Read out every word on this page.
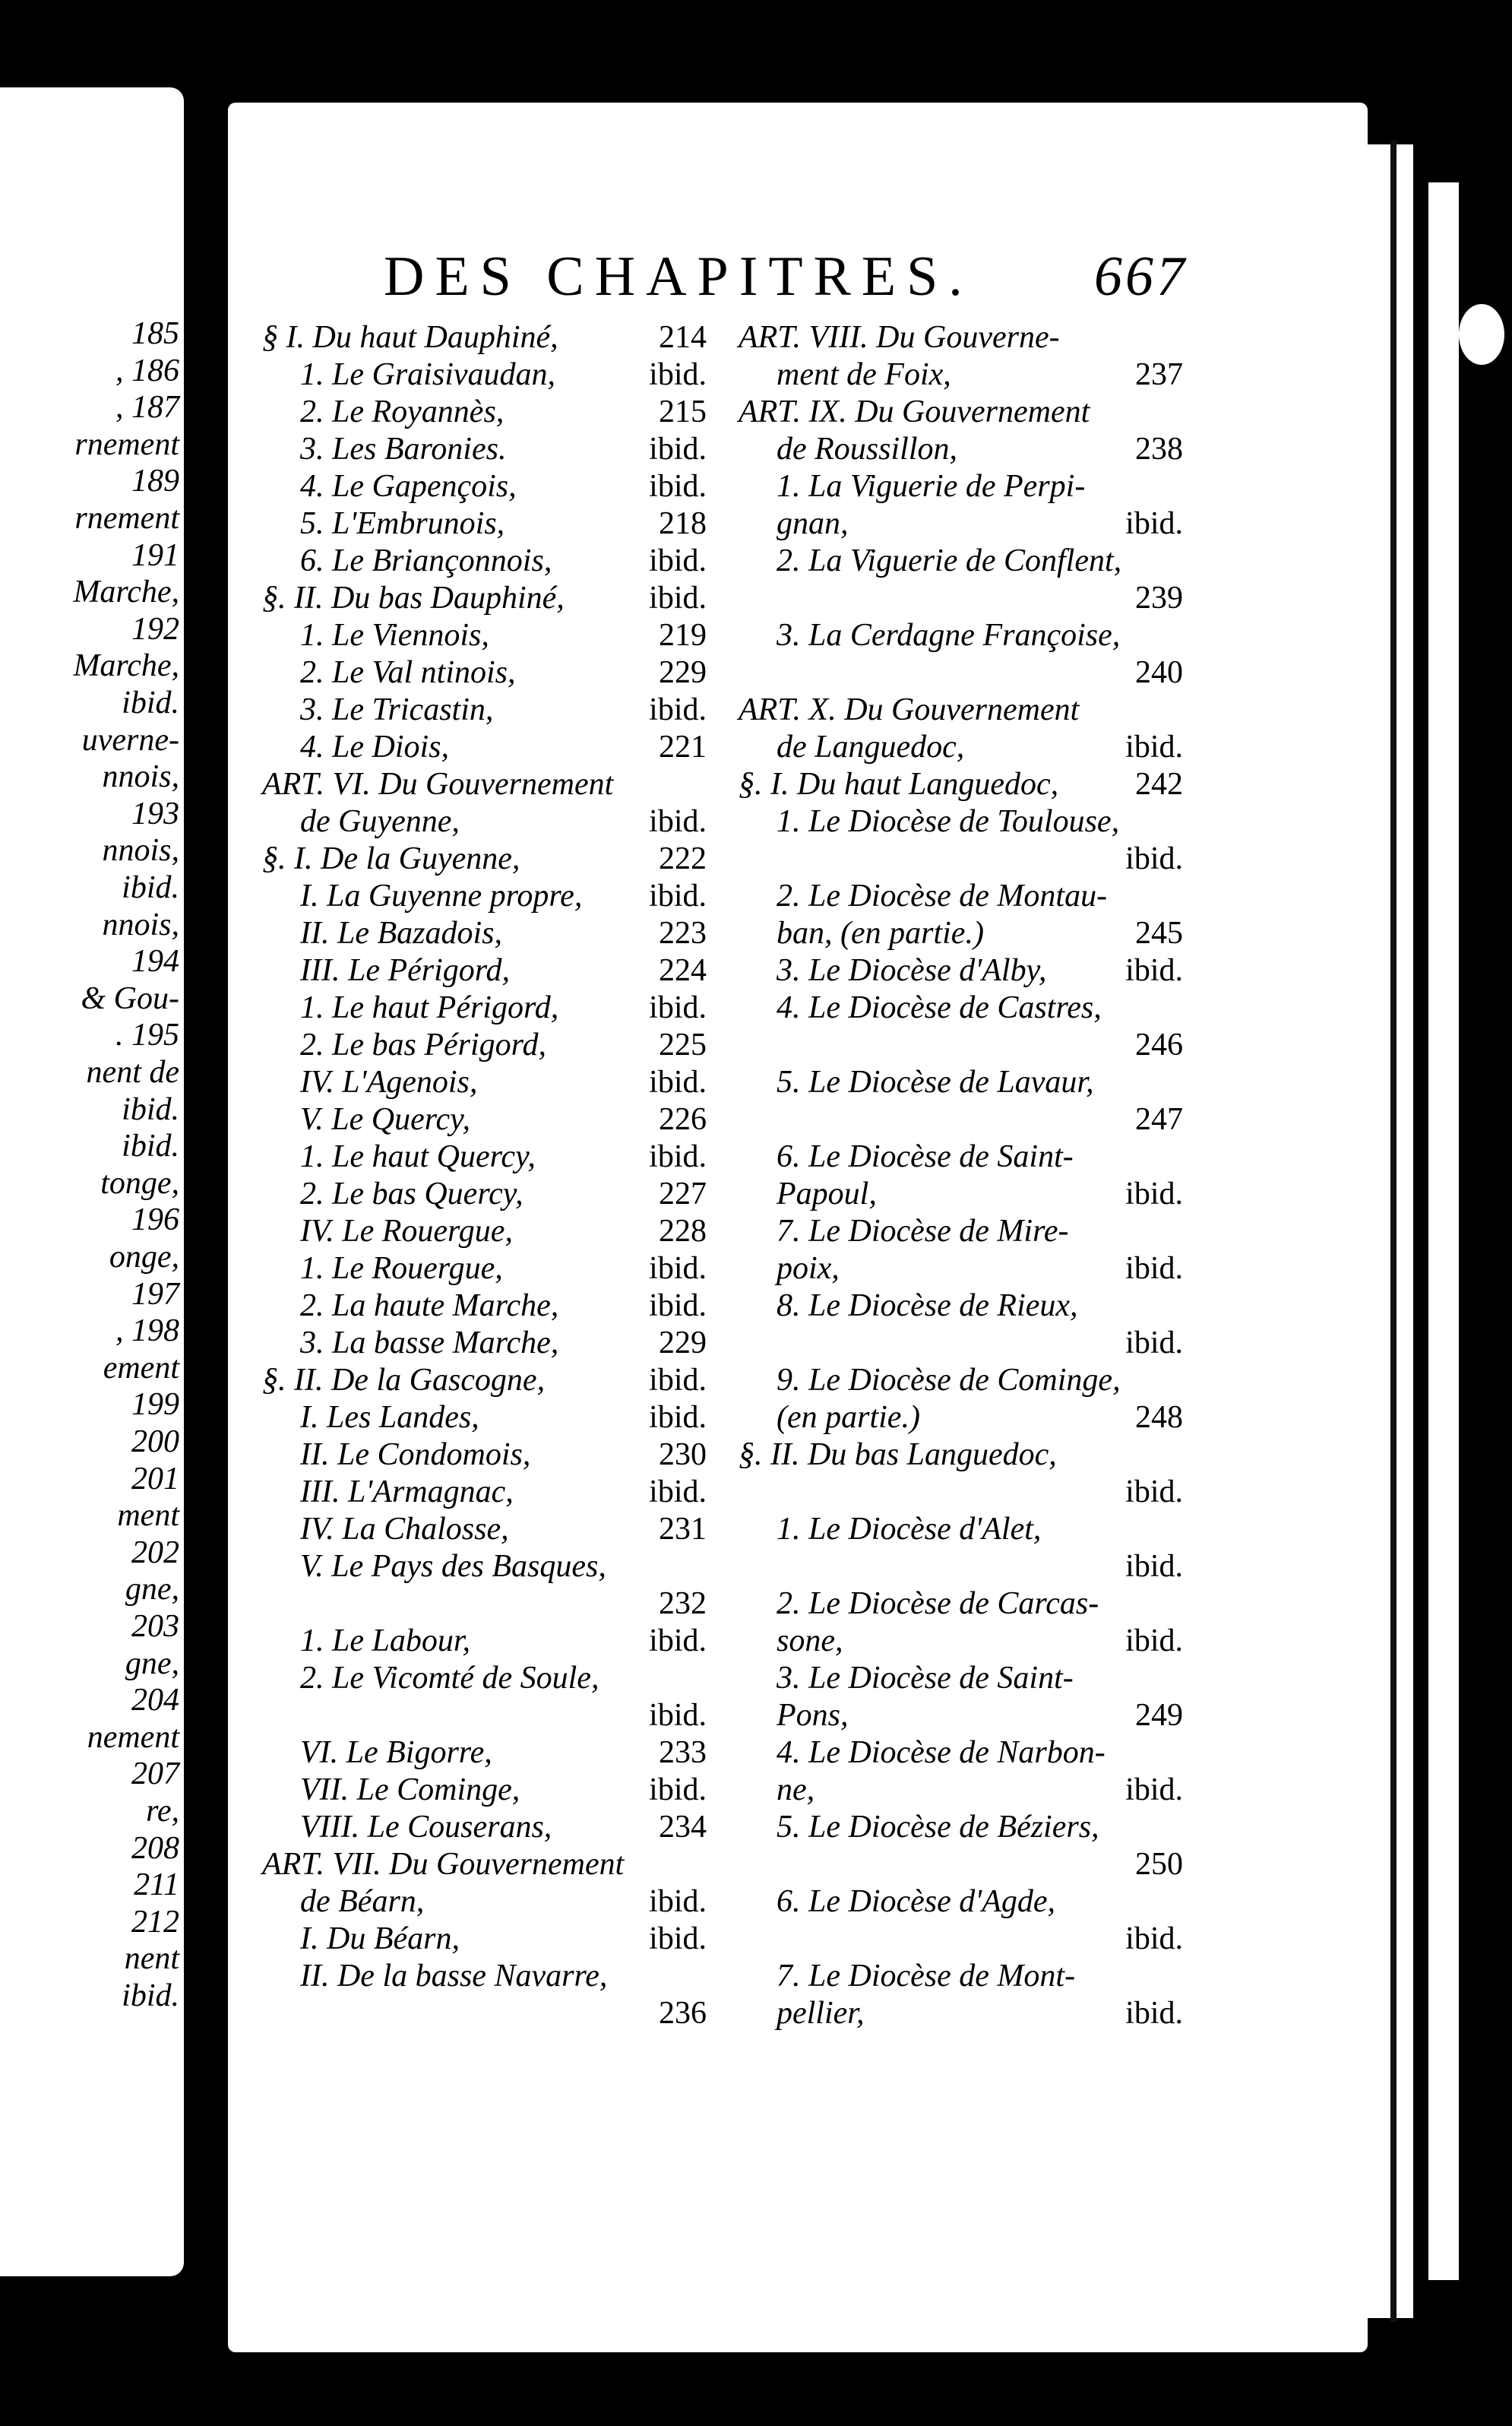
185
, 186
, 187
rnement
189
rnement
191
Marche,
192
Marche,
ibid.
uverne-
nnois,
193
nnois,
ibid.
nnois,
194
& Gou-
. 195
nent de
ibid.
ibid.
tonge,
196
onge,
197
, 198
ement
199
200
201
ment
202
gne,
203
gne,
204
nement
207
re,
208
211
212
nent
ibid.
DES CHAPITRES.	667
§ I. Du haut Dauphiné,	214
1. Le Graisivaudan,	ibid.
2. Le Royannès,	215
3. Les Baronies.	ibid.
4. Le Gapençois,	ibid.
5. L'Embrunois,	218
6. Le Briançonnois,	ibid.
§. II. Du bas Dauphiné,	ibid.
1. Le Viennois,	219
2. Le Val ntinois,	229
3. Le Tricastin,	ibid.
4. Le Diois,	221
ART. VI. Du Gouvernement
de Guyenne,	ibid.
§. I. De la Guyenne,	222
I. La Guyenne propre, ibid.
II. Le Bazadois,	223
III. Le Périgord,	224
1. Le haut Périgord,	ibid.
2. Le bas Périgord,	225
IV. L'Agenois,	ibid.
V. Le Quercy,	226
1. Le haut Quercy,	ibid.
2. Le bas Quercy,	227
IV. Le Rouergue,	228
1. Le Rouergue,	ibid.
2. La haute Marche,	ibid.
3. La basse Marche,	229
§. II. De la Gascogne,	ibid.
I. Les Landes,	ibid.
II. Le Condomois,	230
III. L'Armagnac,	ibid.
IV. La Chalosse,	231
V. Le Pays des Basques,
232
1. Le Labour,	ibid.
2. Le Vicomté de Soule,
ibid.
VI. Le Bigorre,	233
VII. Le Cominge,	ibid.
VIII. Le Couserans,	234
ART. VII. Du Gouvernement
de Béarn,	ibid.
I. Du Béarn,	ibid.
II. De la basse Navarre,
236
ART. VIII. Du Gouverne-
ment de Foix,	237
ART. IX. Du Gouvernement
de Roussillon,	238
1. La Viguerie de Perpi-
gnan,	ibid.
2. La Viguerie de Conflent,
239
3. La Cerdagne Françoise,
240
ART. X. Du Gouvernement
de Languedoc,	ibid.
§. I. Du haut Languedoc, 242
1. Le Diocèse de Toulouse,
ibid.
2. Le Diocèse de Montau-
ban, (en partie.)	245
3. Le Diocèse d'Alby, ibid.
4. Le Diocèse de Castres,
246
5. Le Diocèse de Lavaur,
247
6. Le Diocèse de Saint-
Papoul,	ibid.
7. Le Diocèse de Mire-
poix,	ibid.
8. Le Diocèse de Rieux,
ibid.
9. Le Diocèse de Cominge,
(en partie.)	248
§. II. Du bas Languedoc,
ibid.
1. Le Diocèse d'Alet,
ibid.
2. Le Diocèse de Carcas-
sone,	ibid.
3. Le Diocèse de Saint-
Pons,	249
4. Le Diocèse de Narbon-
ne,	ibid.
5. Le Diocèse de Béziers,
250
6. Le Diocèse d'Agde,
ibid.
7. Le Diocèse de Mont-
pellier,	ibid.
